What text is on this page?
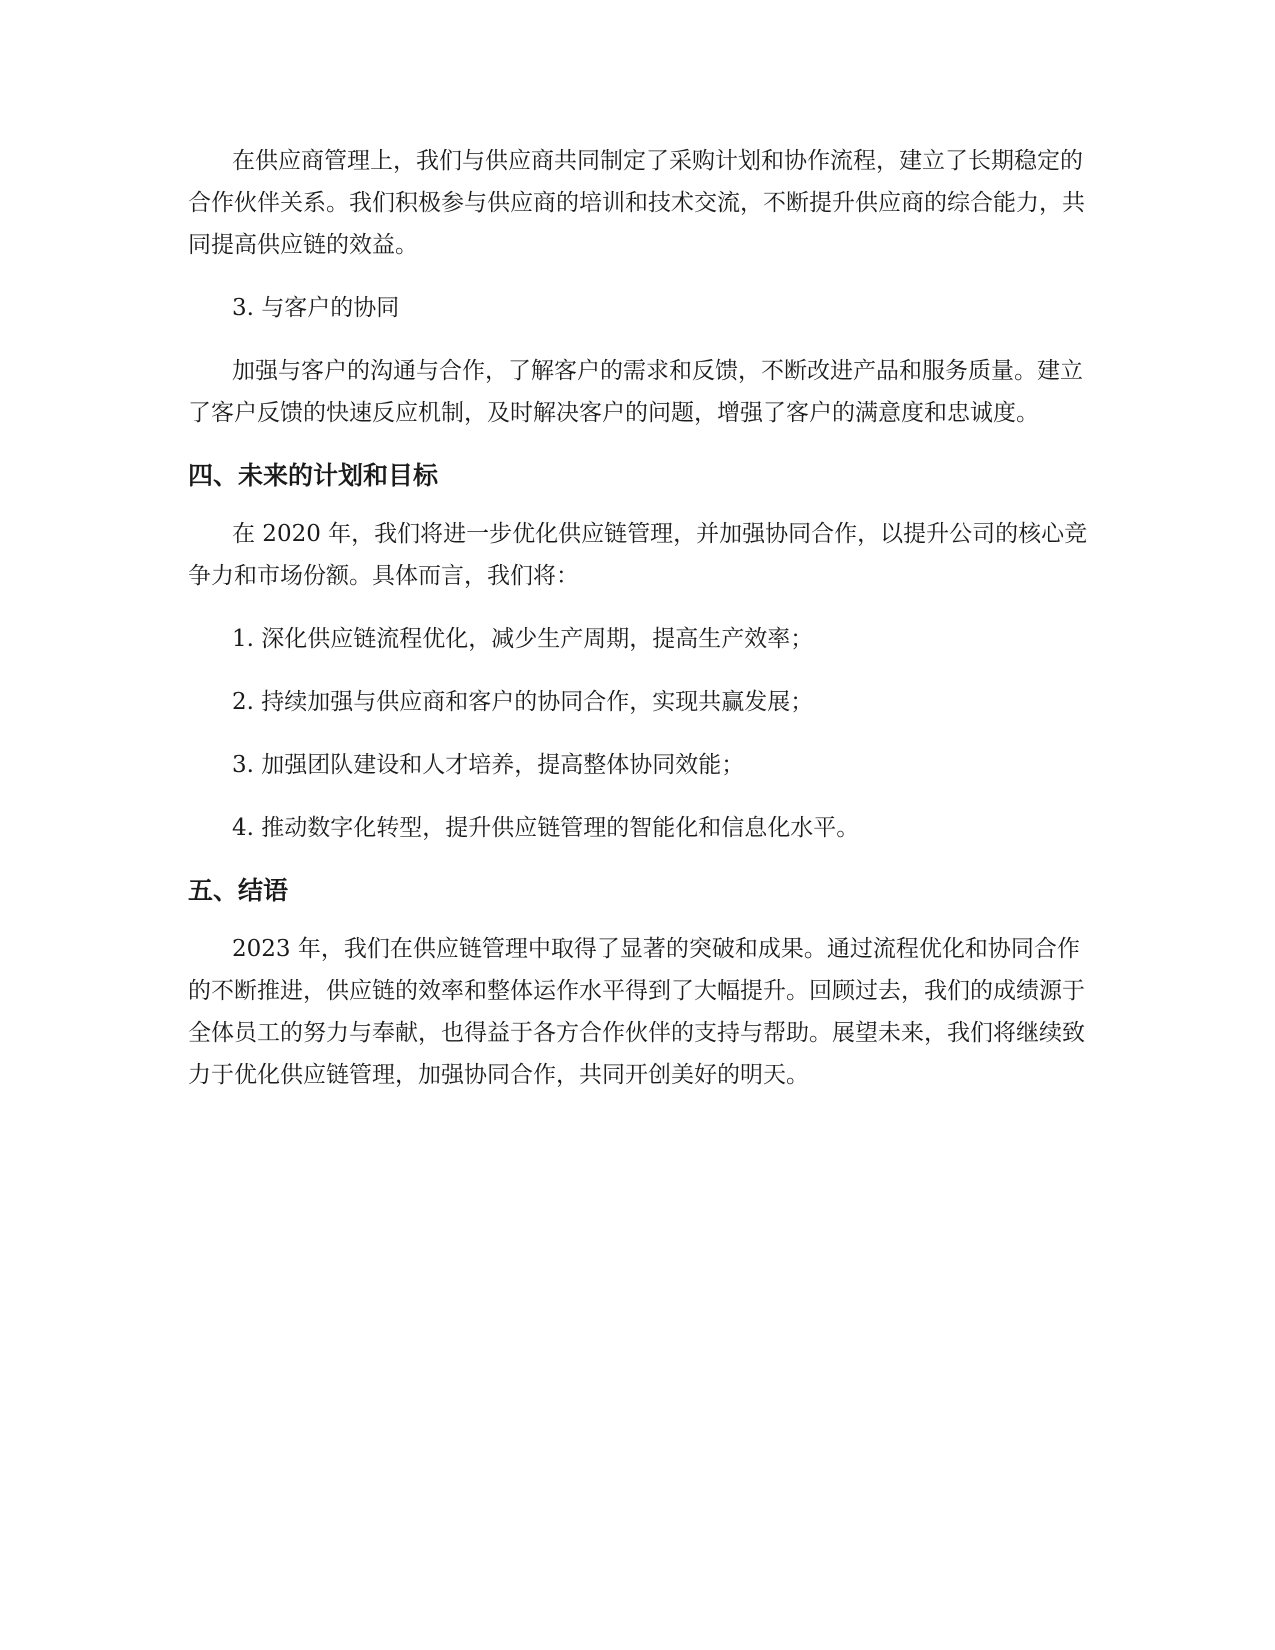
在供应商管理上，我们与供应商共同制定了采购计划和协作流程，建立了长期稳定的合作伙伴关系。我们积极参与供应商的培训和技术交流，不断提升供应商的综合能力，共同提高供应链的效益。

3. 与客户的协同

加强与客户的沟通与合作，了解客户的需求和反馈，不断改进产品和服务质量。建立了客户反馈的快速反应机制，及时解决客户的问题，增强了客户的满意度和忠诚度。

四、未来的计划和目标

在 2020 年，我们将进一步优化供应链管理，并加强协同合作，以提升公司的核心竞争力和市场份额。具体而言，我们将：

1. 深化供应链流程优化，减少生产周期，提高生产效率；

2. 持续加强与供应商和客户的协同合作，实现共赢发展；

3. 加强团队建设和人才培养，提高整体协同效能；

4. 推动数字化转型，提升供应链管理的智能化和信息化水平。

五、结语

2023 年，我们在供应链管理中取得了显著的突破和成果。通过流程优化和协同合作的不断推进，供应链的效率和整体运作水平得到了大幅提升。回顾过去，我们的成绩源于全体员工的努力与奉献，也得益于各方合作伙伴的支持与帮助。展望未来，我们将继续致力于优化供应链管理，加强协同合作，共同开创美好的明天。
